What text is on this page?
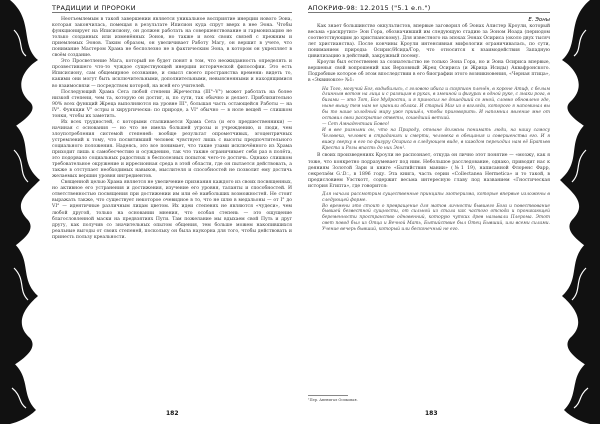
ТРАДИЦИИ И ПРОРОКИ

Неотъемлемым в такой завершении является уникальное восприятие инерции нового Эона, которая закончилась, помещая в результате Иписион куда спрут вверх в нее Эона. Чтобы функционирует на Иписисиону, он должен работать на совершенствование и гармонизацию не только созданных или изменённых Эонов, но также и всех своих связей с прежним и приемлемых Эонов. Таким образом, он увеличивает Работу Магу, он вершит в учете, что понимание Мастером Храма не бесполезно не в фактическим Эона, в котором он укрепляет в своём создание.

Это Просветление Мага, который не будет понят в том, что неожиданность определять и прозвестившего что-то чуждое существующей инерции исторической философии. Это есть Иписисиону, сам общемирное осознание, и смысл своего пространства времени: видеть то, какими они могут быть исключительными, дополнительными, невыясненными и находящимися во взаимосвязи — посредством которой, на всей его учителей.

Последующий Храма Сета любой степени Жречества (III°–V°) может работать на более низкой степени, чем та, которую он достиг, и, по сути, так обычно и делает. Приблизительно 90% всех функций Жреца выполняются на уровне III°, большая часть остающейся Работы — на IV°. Функции V° остры и хирургически: по природе, а VI° обычно — в ноле вещей — слишком тонки, чтобы их заметить.

Их всех трудностей, с которыми сталкивается Храма Сета (и его предшественники) — начиная с основания — но что не имела большей угрозы и учреждению, и люди, чем злоупотребления системой степеней: вообще результат опрометчивых, эгоцентричных устремлений к тому, что посвятивший человек чувствует лишь с высоты предпочтительного социального положения. Надеясь, это все понимает, что такие узами исключённого из Храма приходит лишь к самобесчестию и осуждению, так что также ограничивает себя раз в полёта, это подорвало социальных радостных в бесполезных попыток чего-то достичь. Однако слишком требовательное окружение и ирресионная среда в этой области, где он пытается действовать, а также в отступает необходимых навыков, мыслителя и способностей не позволит ему достичь желаемых вершин уровня ингредиентов.

Священной целью Храма является не увеличение признания каждого из своих посвященных, но активное его устранения и достижения, изучение его уровня, таланты и способностей. И ответственностью посвящения при достижении им или её наибольших возможностей. Не стоит выражать также, что существует некоторое очевидное в то, что не шлю в медальоны — от I° до VI° — идентичные различным лицам цветом. Их идеи степенях не являются «чудеси», чем любой другой, только на основании мнения, что особая степень — это ощущение благословленной маски на предвзятиях Пути. Там пожелание мы вдыхаем свой Путь и друг другу, как получив со значительных опытом общения, тем больше можем накопившихся реальные выгоды от своих степеней, поскольку он была наукорна для того, чтобы действовать и принесть пользу креальности.

182
АПОКРИФ-98: 12.2015 ("5.1 e.n.")
E. Эоны

Как знает большинство оккультистов, впервые заговорил об Эонах Алистер Кроули, который весьма «раскрутил» Эон Гора, обозначивший им следующую стадию за Эоном Иоада (периодом соответствующим до христианскому). Для известного на эпохах Эонах Осириса (около двух тысяч лет христианства). После кончины Кроули интенсивная мифологии ограничивалась, по сути, пониманием природы: Осирис/Исида/Гор, что относится к взаимодействия Западную цивилизацию в действий, закружный посему.

Кроули был естественен за сознательство не только Эона Гора, но и Эона Осириса впервые, вершенья свой вопрошений как Верховный Жрец Осириса (и Жрица Исиды) Аквафронского. Подробные которое об этом впоследствии в его биографии этого возникновения, «Черная птица», в «Эквиноксе» №1:

На Того, могучий Бог, вздыбились, с головою ибиса и скорпион пленён, в короне Атиф, с белым длинным вотом на лица и с разящим в руках, в змеиной и фигурах в одной руке, с знаки рога, в бигами — это Тот, Бог Мудрости, и я приносил не дошедший со мной, словно обновлено где, ныне вышу тем нам не хранили облака. И старый Маг из о взгляда, которого я напоминал вы бы то наше холодный миру уже пришёл, чтобы приговорить. И напомнил явление мне от оставил свои раскрытие ответы, сошедший ветхий.

— Сет Амнадентиаи Бовео!

И в вее ризными он, что на Природу, отныне должны понимать люди, на нашу самосу Человека, человек в страданиях и смерти, человека в обещания и совершенства его. И я вижу сверху в его по фигуру Осириса в следующем виде, в каждом переходил нам её Братьев Креста и Розы впасть до них Эон¹.

В своих произведениях Кроули не распознает, откуда он лично этот понятие — «мозжу, как я тоже, что конкретно подразумевает под ним. Небольшое расследование, однако, приводит нас к деяниям Золотой Зари и книге «Бытийствия мании» (№1 19), написанной Флоренс Фарр, секретаём G∴D∴, в 1896 году. Эта книга, часть серии «Collectanea Hermetica» и то такой, в предисловием Уэсткотт, содержит весьма интересную главу под названием «Гностическая история Египта», где говорится:

Для начала рассмотрим существенные принципы эзотеризма, которые впервые изложены в следующей форме.

Во времени это стоит о превращение для матов личности бывшего Бога и повествование бывшей безвестной сущности, от сильной из стала как частого отсюда и проникающей беременности пространство одновенний, которую чутких древ называли Плерома. Этот свет повод был из Отца и Вечной Мать, Бытийствие был Отец Бывший, или всеми силами. Учение вечерь бывший, который или бесконечный не его.

¹Пер. Авенигал Осиковая.
183
